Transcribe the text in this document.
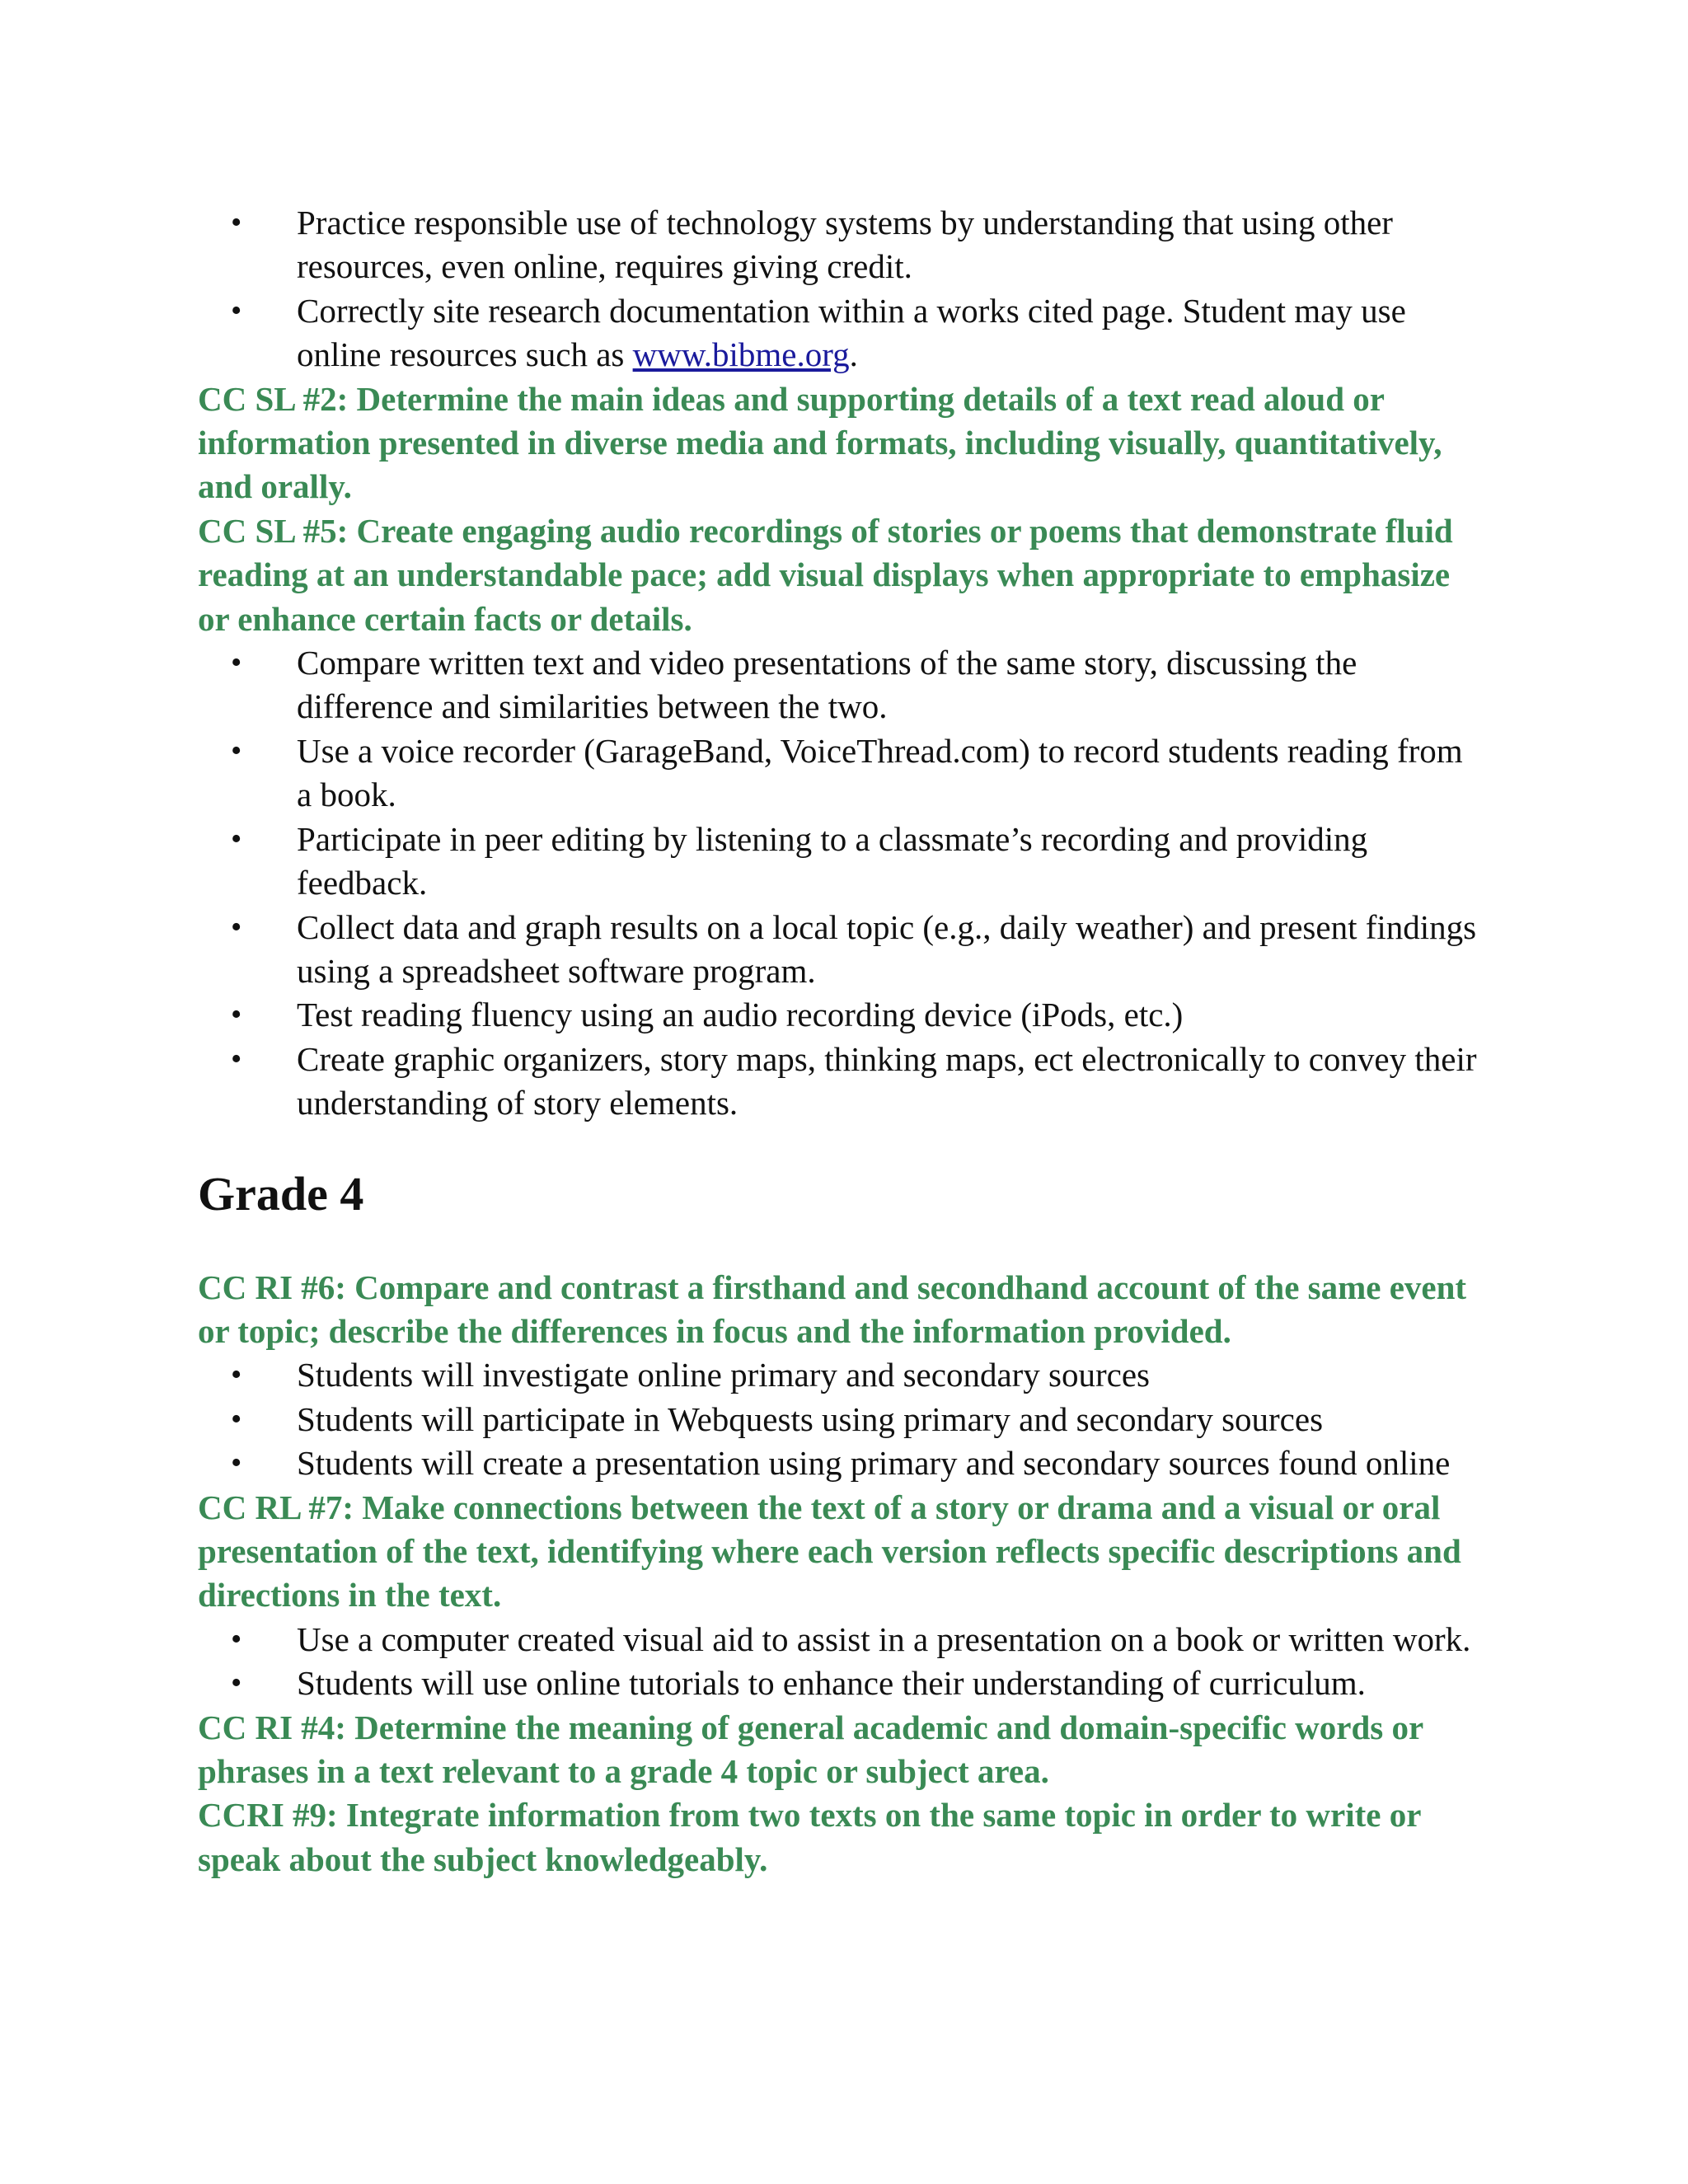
•	Practice responsible use of technology systems by understanding that using other resources, even online, requires giving credit.
•	Correctly site research documentation within a works cited page. Student may use online resources such as www.bibme.org.

CC SL #2: Determine the main ideas and supporting details of a text read aloud or information presented in diverse media and formats, including visually, quantitatively, and orally.

CC SL #5: Create engaging audio recordings of stories or poems that demonstrate fluid reading at an understandable pace; add visual displays when appropriate to emphasize or enhance certain facts or details.

•	Compare written text and video presentations of the same story, discussing the difference and similarities between the two.
•	Use a voice recorder (GarageBand, VoiceThread.com) to record students reading from a book.
•	Participate in peer editing by listening to a classmate’s recording and providing feedback.
•	Collect data and graph results on a local topic (e.g., daily weather) and present findings using a spreadsheet software program.
•	Test reading fluency using an audio recording device (iPods, etc.)
•	Create graphic organizers, story maps, thinking maps, ect electronically to convey their understanding of story elements.
Grade 4

CC RI #6: Compare and contrast a firsthand and secondhand account of the same event or topic; describe the differences in focus and the information provided.

•	Students will investigate online primary and secondary sources
•	Students will participate in Webquests using primary and secondary sources
•	Students will create a presentation using primary and secondary sources found online

CC RL #7: Make connections between the text of a story or drama and a visual or oral presentation of the text, identifying where each version reflects specific descriptions and directions in the text.

•	Use a computer created visual aid to assist in a presentation on a book or written work.
•	Students will use online tutorials to enhance their understanding of curriculum.

CC RI #4: Determine the meaning of general academic and domain-specific words or phrases in a text relevant to a grade 4 topic or subject area.

CCRI #9: Integrate information from two texts on the same topic in order to write or speak about the subject knowledgeably.
